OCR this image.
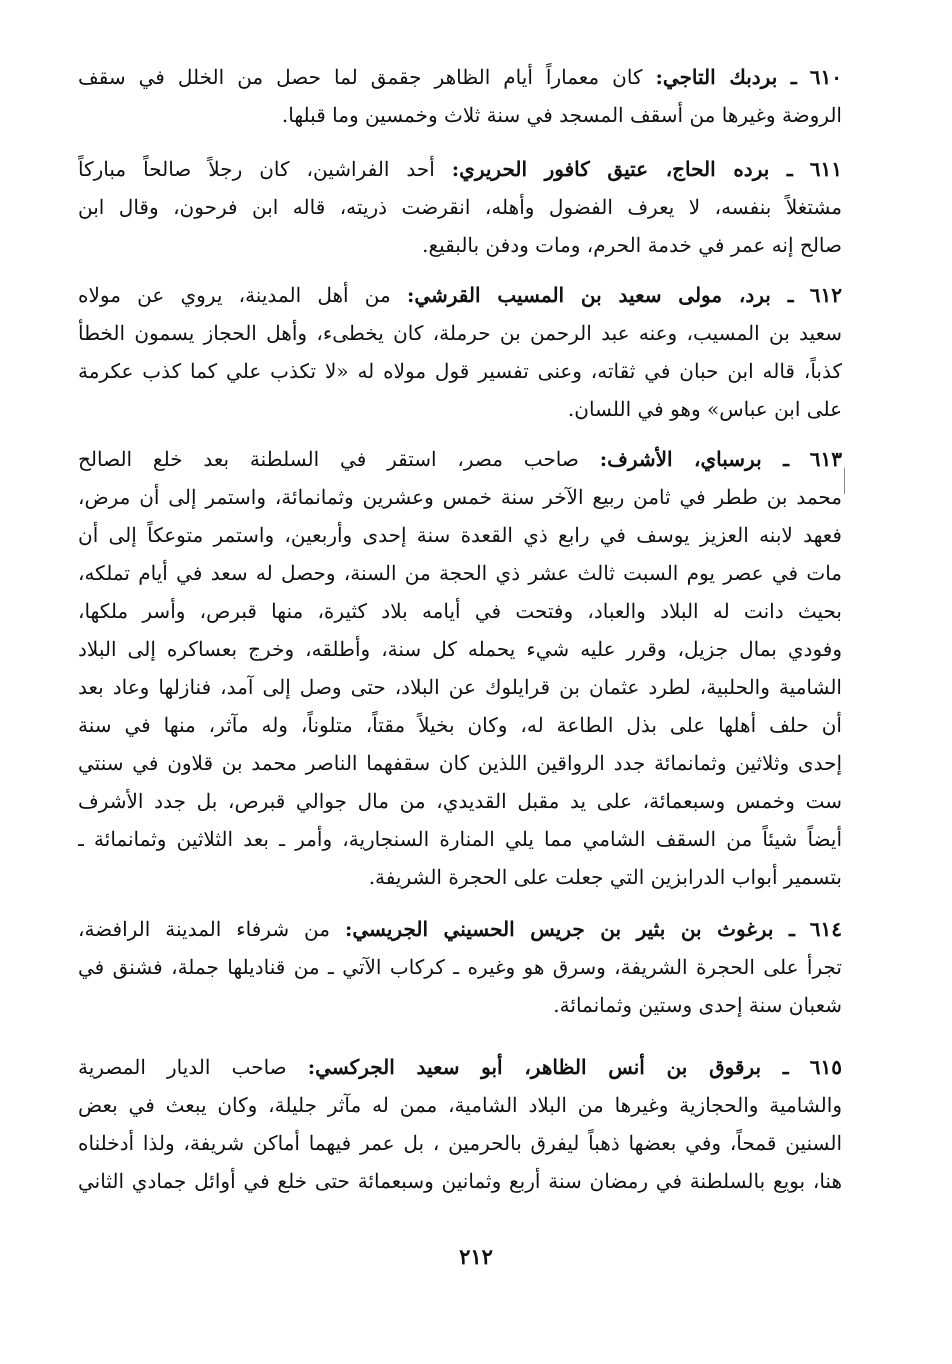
٦١٠ ـ بردبك التاجي: كان معماراً أيام الظاهر جقمق لما حصل من الخلل في سقف
الروضة وغيرها من أسقف المسجد في سنة ثلاث وخمسين وما قبلها.
٦١١ ـ برده الحاج، عتيق كافور الحريري: أحد الفراشين، كان رجلاً صالحاً مباركاً
مشتغلاً بنفسه، لا يعرف الفضول وأهله، انقرضت ذريته، قاله ابن فرحون، وقال ابن
صالح إنه عمر في خدمة الحرم، ومات ودفن بالبقيع.
٦١٢ ـ برد، مولى سعيد بن المسيب القرشي: من أهل المدينة، يروي عن مولاه
سعيد بن المسيب، وعنه عبد الرحمن بن حرملة، كان يخطىء، وأهل الحجاز يسمون الخطأ
كذباً، قاله ابن حبان في ثقاته، وعنى تفسير قول مولاه له «لا تكذب علي كما كذب عكرمة
على ابن عباس» وهو في اللسان.
٦١٣ ـ برسباي، الأشرف: صاحب مصر، استقر في السلطنة بعد خلع الصالح
محمد بن ططر في ثامن ربيع الآخر سنة خمس وعشرين وثمانمائة، واستمر إلى أن مرض،
فعهد لابنه العزيز يوسف في رابع ذي القعدة سنة إحدى وأربعين، واستمر متوعكاً إلى أن
مات في عصر يوم السبت ثالث عشر ذي الحجة من السنة، وحصل له سعد في أيام تملكه،
بحيث دانت له البلاد والعباد، وفتحت في أيامه بلاد كثيرة، منها قبرص، وأسر ملكها،
وفودي بمال جزيل، وقرر عليه شيء يحمله كل سنة، وأطلقه، وخرج بعساكره إلى البلاد
الشامية والحلبية، لطرد عثمان بن قرايلوك عن البلاد، حتى وصل إلى آمد، فنازلها وعاد بعد
أن حلف أهلها على بذل الطاعة له، وكان بخيلاً مقتاً، متلوناً، وله مآثر، منها في سنة
إحدى وثلاثين وثمانمائة جدد الرواقين اللذين كان سقفهما الناصر محمد بن قلاون في سنتي
ست وخمس وسبعمائة، على يد مقبل القديدي، من مال جوالي قبرص، بل جدد الأشرف
أيضاً شيئاً من السقف الشامي مما يلي المنارة السنجارية، وأمر ـ بعد الثلاثين وثمانمائة ـ
بتسمير أبواب الدرابزين التي جعلت على الحجرة الشريفة.
٦١٤ ـ برغوث بن بثير بن جريس الحسيني الجريسي: من شرفاء المدينة الرافضة،
تجرأ على الحجرة الشريفة، وسرق هو وغيره ـ كركاب الآتي ـ من قناديلها جملة، فشنق في
شعبان سنة إحدى وستين وثمانمائة.
٦١٥ ـ برقوق بن أنس الظاهر، أبو سعيد الجركسي: صاحب الديار المصرية
والشامية والحجازية وغيرها من البلاد الشامية، ممن له مآثر جليلة، وكان يبعث في بعض
السنين قمحاً، وفي بعضها ذهباً ليفرق بالحرمين ، بل عمر فيهما أماكن شريفة، ولذا أدخلناه
هنا، بويع بالسلطنة في رمضان سنة أربع وثمانين وسبعمائة حتى خلع في أوائل جمادي الثاني
٢١٢
